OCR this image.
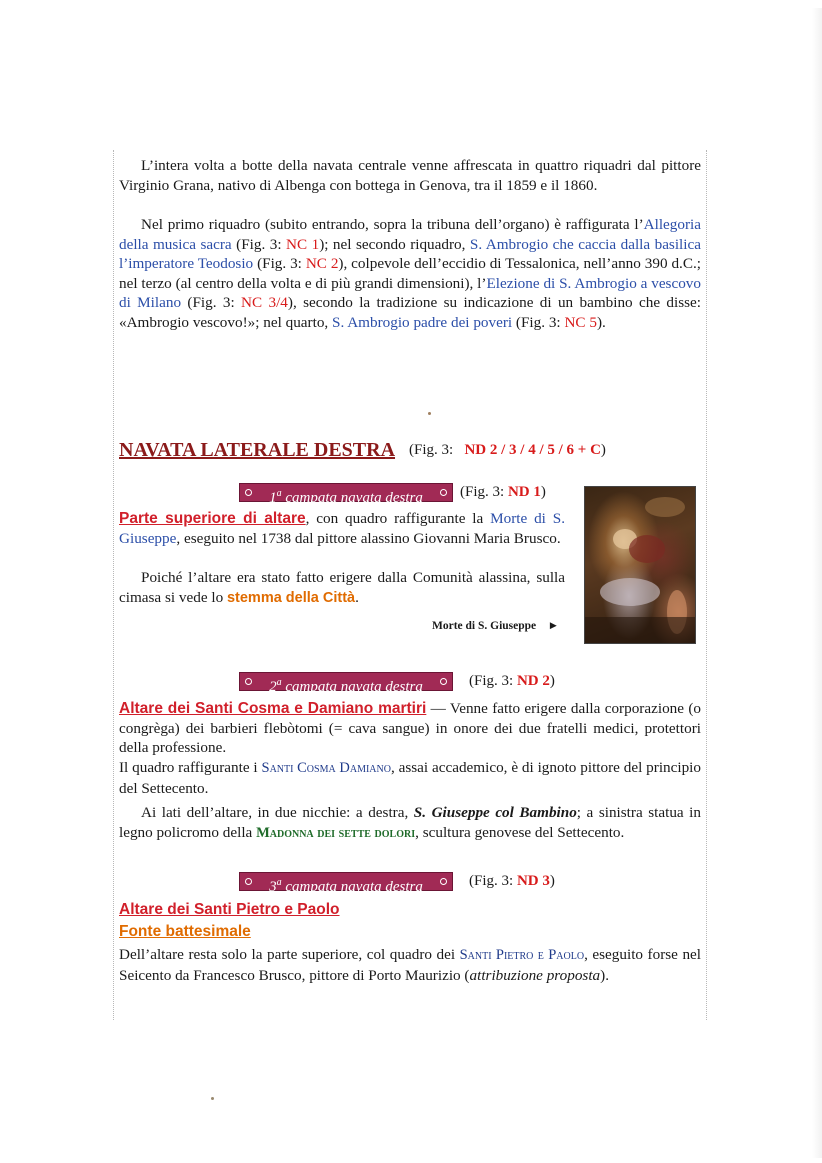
L’intera volta a botte della navata centrale venne affrescata in quattro riquadri dal pittore Virginio Grana, nativo di Albenga con bottega in Genova, tra il 1859 e il 1860.

Nel primo riquadro (subito entrando, sopra la tribuna dell’organo) è raffigurata l’Allegoria della musica sacra (Fig. 3: NC 1); nel secondo riquadro, S. Ambrogio che caccia dalla basilica l’imperatore Teodosio (Fig. 3: NC 2), colpevole dell’eccidio di Tessalonica, nell’anno 390 d.C.; nel terzo (al centro della volta e di più grandi dimensioni), l’Elezione di S. Ambrogio a vescovo di Milano (Fig. 3: NC 3/4), secondo la tradizione su indicazione di un bambino che disse: «Ambrogio vescovo!»; nel quarto, S. Ambrogio padre dei poveri (Fig. 3: NC 5).

NAVATA LATERALE DESTRA (Fig. 3: ND 2 / 3 / 4 / 5 / 6 + C)
1$^a$ campata navata destra	(Fig. 3: ND 1)

Parte superiore di altare, con quadro raffigurante la Morte di S. Giuseppe, eseguito nel 1738 dal pittore alassino Giovanni Maria Brusco.

Poiché l’altare era stato fatto erigere dalla Comunità alassina, sulla cimasa si vede lo stemma della Città.

Morte di S. Giuseppe ►
2$^a$ campata navata destra	(Fig. 3: ND 2)

Altare dei Santi Cosma e Damiano martiri — Venne fatto erigere dalla corporazione (o congrèga) dei barbieri flebòtomi (= cava sangue) in onore dei due fratelli medici, protettori della professione.

Il quadro raffigurante i Santi Cosma Damiano, assai accademico, è di ignoto pittore del principio del Settecento.

Ai lati dell’altare, in due nicchie: a destra, S. Giuseppe col Bambino; a sinistra statua in legno policromo della Madonna dei sette dolori, scultura genovese del Settecento.

3$^a$ campata navata destra	(Fig. 3: ND 3)

Altare dei Santi Pietro e Paolo

Fonte battesimale

Dell’altare resta solo la parte superiore, col quadro dei Santi Pietro e Paolo, eseguito forse nel Seicento da Francesco Brusco, pittore di Porto Maurizio (attribuzione proposta).
